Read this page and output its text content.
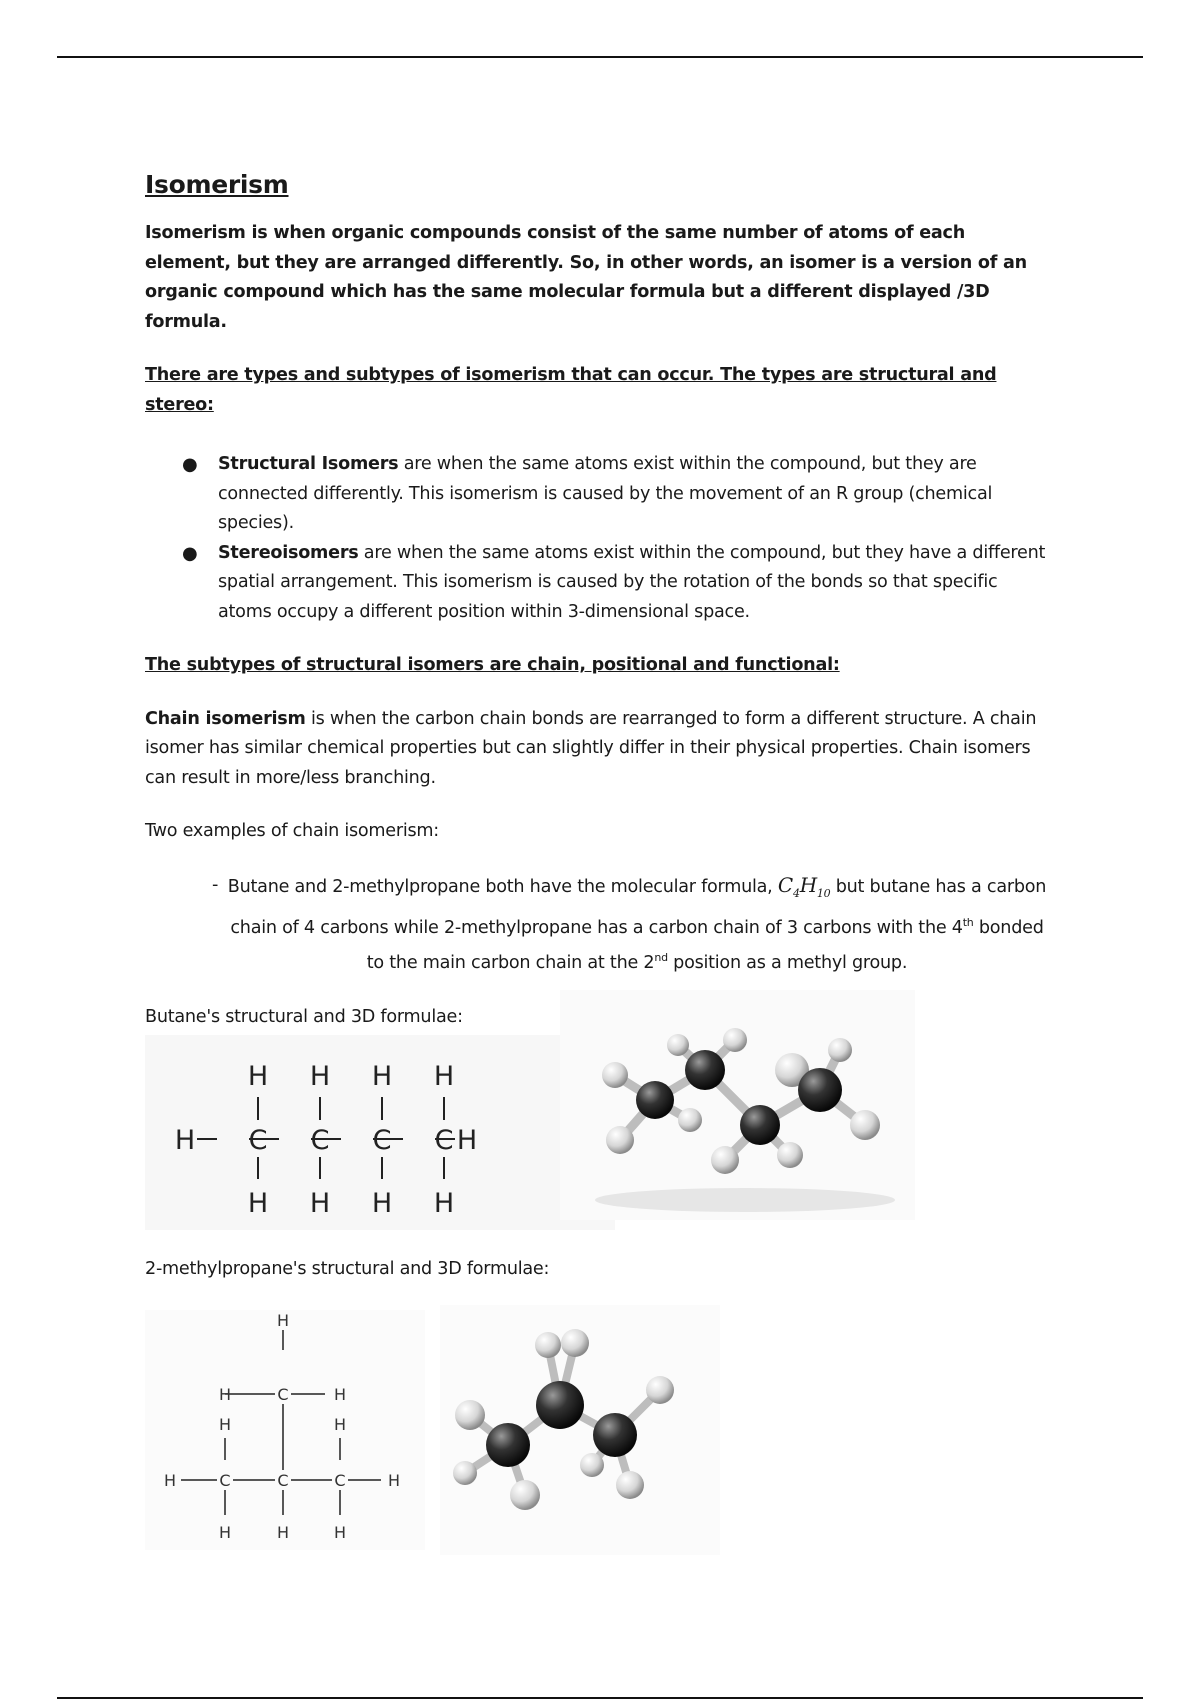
Isomerism

Isomerism is when organic compounds consist of the same number of atoms of each element, but they are arranged differently. So, in other words, an isomer is a version of an organic compound which has the same molecular formula but a different displayed /3D formula.

There are types and subtypes of isomerism that can occur. The types are structural and stereo:

● Structural Isomers are when the same atoms exist within the compound, but they are connected differently. This isomerism is caused by the movement of an R group (chemical species).
● Stereoisomers are when the same atoms exist within the compound, but they have a different spatial arrangement. This isomerism is caused by the rotation of the bonds so that specific atoms occupy a different position within 3-dimensional space.

The subtypes of structural isomers are chain, positional and functional:

Chain isomerism is when the carbon chain bonds are rearranged to form a different structure. A chain isomer has similar chemical properties but can slightly differ in their physical properties. Chain isomers can result in more/less branching.

Two examples of chain isomerism:

- Butane and 2-methylpropane both have the molecular formula, $C_4H_{10}$ but butane has a carbon chain of 4 carbons while 2-methylpropane has a carbon chain of 3 carbons with the 4th bonded to the main carbon chain at the 2nd position as a methyl group.

Butane's structural and 3D formulae:

H C C C C H
H H H H
H H H H

2-methylpropane's structural and 3D formulae:

H
H	C	H
H	H
H	C	C	C	H
H	H	H
